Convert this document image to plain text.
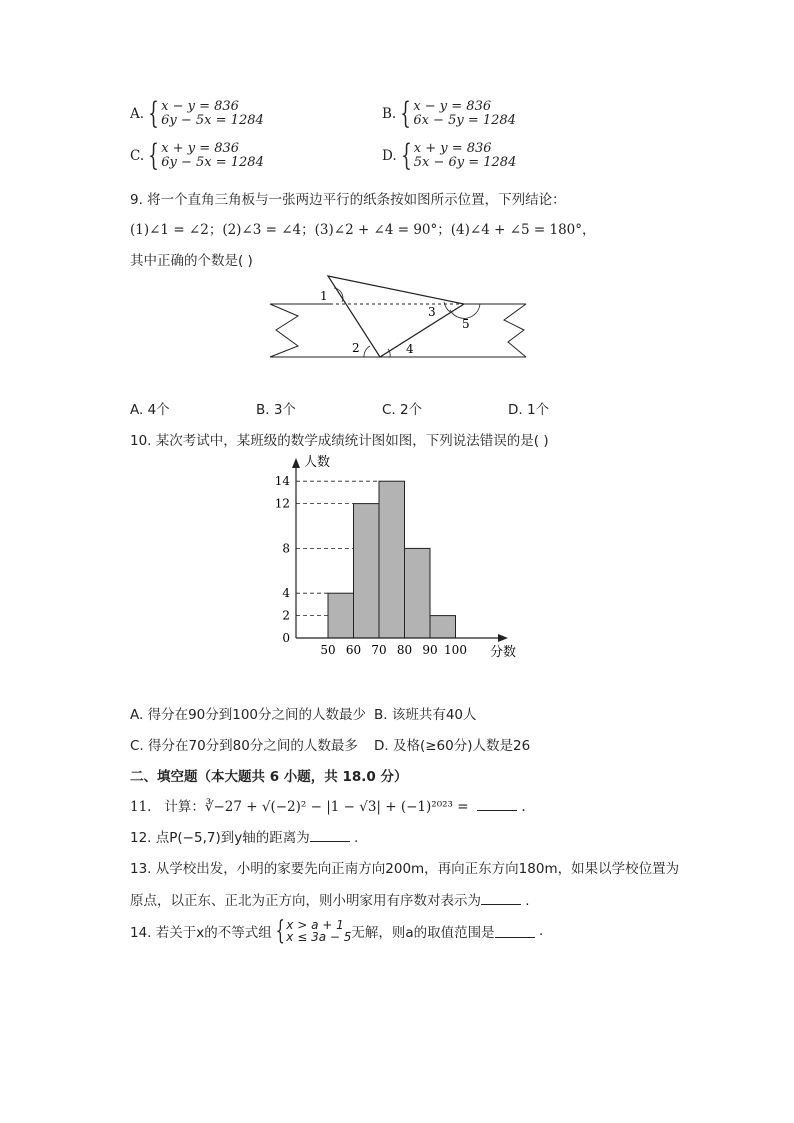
A. { x − y = 836
6y − 5x = 1284	B. { x − y = 836
6x − 5y = 1284
C. { x + y = 836
6y − 5x = 1284	D. { x + y = 836
5x − 6y = 1284
9. 将一个直角三角板与一张两边平行的纸条按如图所示位置，下列结论：
(1)∠1 = ∠2；(2)∠3 = ∠4；(3)∠2 + ∠4 = 90°；(4)∠4 + ∠5 = 180°，
其中正确的个数是( )
1
2
3
4
5
A. 4个	B. 3个	C. 2个	D. 1个
10. 某次考试中，某班级的数学成绩统计图如图，下列说法错误的是( )
0
2
4
8
12
14
50 60 70 80 90 100
人数
分数
A. 得分在90分到100分之间的人数最少 B. 该班共有40人
C. 得分在70分到80分之间的人数最多 D. 及格(≥60分)人数是26
二、填空题（本大题共 6 小题，共 18.0 分）
11. 计算：∛−27 + √(−2)² − |1 − √3| + (−1)²⁰²³ =	.
12. 点P(−5,7)到y轴的距离为	.
13. 从学校出发，小明的家要先向正南方向200m，再向正东方向180m，如果以学校位置为
原点，以正东、正北为正方向，则小明家用有序数对表示为	.
14. 若关于x的不等式组 { x > a + 1
x ≤ 3a − 5 无解，则a的取值范围是	.
